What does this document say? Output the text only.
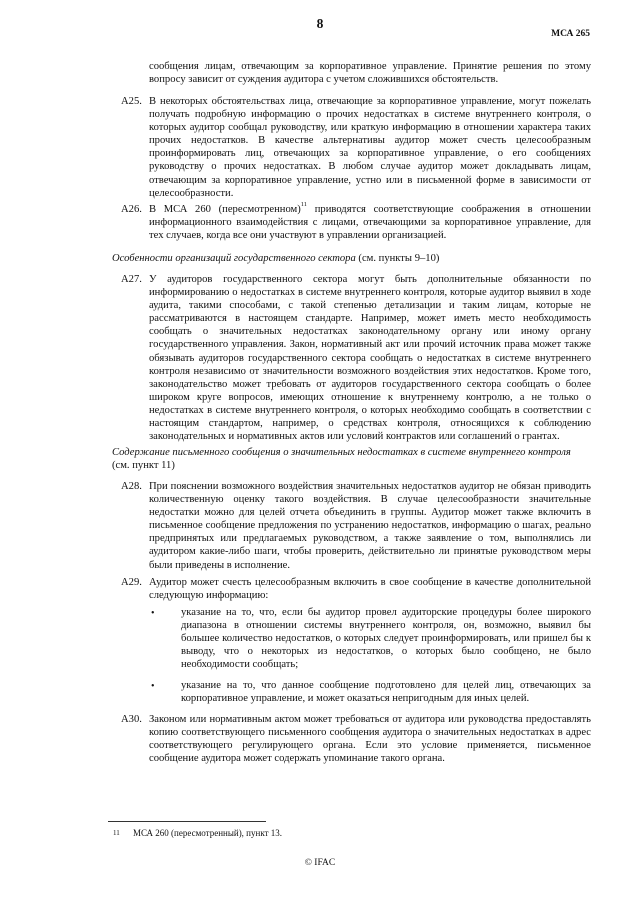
8
МСА 265
сообщения лицам, отвечающим за корпоративное управление. Принятие решения по этому вопросу зависит от суждения аудитора с учетом сложившихся обстоятельств.
A25. В некоторых обстоятельствах лица, отвечающие за корпоративное управление, могут пожелать получать подробную информацию о прочих недостатках в системе внутреннего контроля, о которых аудитор сообщал руководству, или краткую информацию в отношении характера таких прочих недостатков. В качестве альтернативы аудитор может счесть целесообразным проинформировать лиц, отвечающих за корпоративное управление, о его сообщениях руководству о прочих недостатках. В любом случае аудитор может докладывать лицам, отвечающим за корпоративное управление, устно или в письменной форме в зависимости от целесообразности.
A26. В МСА 260 (пересмотренном)$^{11}$ приводятся соответствующие соображения в отношении информационного взаимодействия с лицами, отвечающими за корпоративное управление, для тех случаев, когда все они участвуют в управлении организацией.
Особенности организаций государственного сектора (см. пункты 9–10)
A27. У аудиторов государственного сектора могут быть дополнительные обязанности по информированию о недостатках в системе внутреннего контроля, которые аудитор выявил в ходе аудита, такими способами, с такой степенью детализации и таким лицам, которые не рассматриваются в настоящем стандарте. Например, может иметь место необходимость сообщать о значительных недостатках законодательному органу или иному органу государственного управления. Закон, нормативный акт или прочий источник права может также обязывать аудиторов государственного сектора сообщать о недостатках в системе внутреннего контроля независимо от значительности возможного воздействия этих недостатков. Кроме того, законодательство может требовать от аудиторов государственного сектора сообщать о более широком круге вопросов, имеющих отношение к внутреннему контролю, а не только о недостатках в системе внутреннего контроля, о которых необходимо сообщать в соответствии с настоящим стандартом, например, о средствах контроля, относящихся к соблюдению законодательных и нормативных актов или условий контрактов или соглашений о грантах.
Содержание письменного сообщения о значительных недостатках в системе внутреннего контроля
(см. пункт 11)
A28. При пояснении возможного воздействия значительных недостатков аудитор не обязан приводить количественную оценку такого воздействия. В случае целесообразности значительные недостатки можно для целей отчета объединить в группы. Аудитор может также включить в письменное сообщение предложения по устранению недостатков, информацию о шагах, реально предпринятых или предлагаемых руководством, а также заявление о том, выполнялись ли аудитором какие-либо шаги, чтобы проверить, действительно ли принятые руководством меры были приведены в исполнение.
A29. Аудитор может счесть целесообразным включить в свое сообщение в качестве дополнительной следующую информацию:
• указание на то, что, если бы аудитор провел аудиторские процедуры более широкого диапазона в отношении системы внутреннего контроля, он, возможно, выявил бы большее количество недостатков, о которых следует проинформировать, или пришел бы к выводу, что о некоторых из недостатков, о которых было сообщено, не было необходимости сообщать;
• указание на то, что данное сообщение подготовлено для целей лиц, отвечающих за корпоративное управление, и может оказаться непригодным для иных целей.
A30. Законом или нормативным актом может требоваться от аудитора или руководства предоставлять копию соответствующего письменного сообщения аудитора о значительных недостатках в адрес соответствующего регулирующего органа. Если это условие применяется, письменное сообщение аудитора может содержать упоминание такого органа.
11 МСА 260 (пересмотренный), пункт 13.
© IFAC
